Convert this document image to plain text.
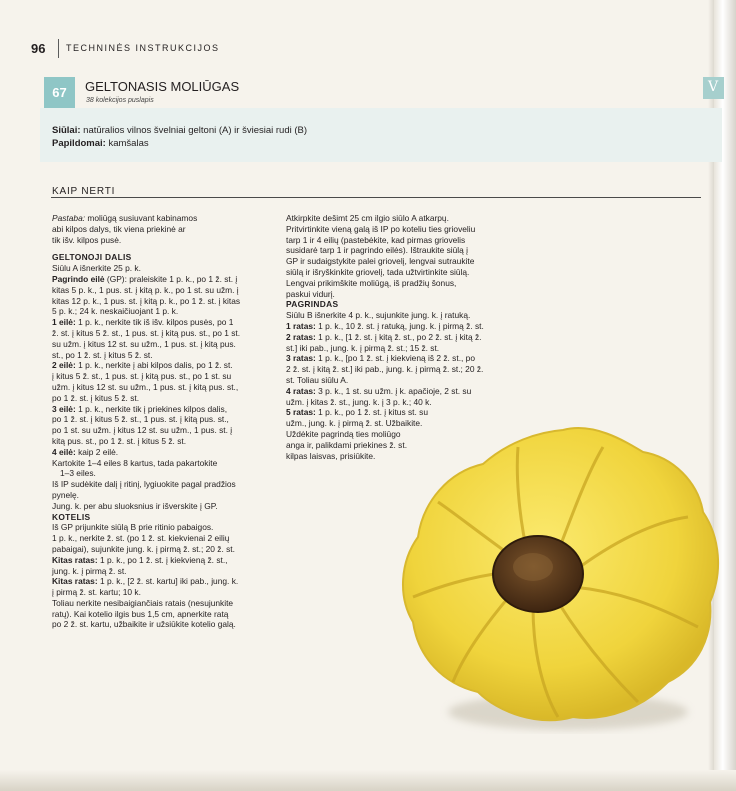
96 TECHNINĖS INSTRUKCIJOS
67	GELTONASIS MOLIŪGAS
38 kolekcijos puslapis
V
Siūlai: natūralios vilnos švelniai geltoni (A) ir šviesiai rudi (B)
Papildomai: kamšalas
KAIP NERTI

Pastaba: moliūgą susiuvant kabinamos

abi kilpos dalys, tik viena priekinė ar

tik išv. kilpos pusė.

GELTONOJI DALIS

Siūlu A išnerkite 25 p. k.

Pagrindo eilė (GP): praleiskite 1 p. k., po 1 ž. st. į

kitas 5 p. k., 1 pus. st. į kitą p. k., po 1 st. su užm. į

kitas 12 p. k., 1 pus. st. į kitą p. k., po 1 ž. st. į kitas

5 p. k.; 24 k. neskaičiuojant 1 p. k.

1 eilė: 1 p. k., nerkite tik iš išv. kilpos pusės, po 1

ž. st. į kitus 5 ž. st., 1 pus. st. į kitą pus. st., po 1 st.

su užm. į kitus 12 st. su užm., 1 pus. st. į kitą pus.

st., po 1 ž. st. į kitus 5 ž. st.

2 eilė: 1 p. k., nerkite į abi kilpos dalis, po 1 ž. st.

į kitus 5 ž. st., 1 pus. st. į kitą pus. st., po 1 st. su

užm. į kitus 12 st. su užm., 1 pus. st. į kitą pus. st.,

po 1 ž. st. į kitus 5 ž. st.

3 eilė: 1 p. k., nerkite tik į priekines kilpos dalis,

po 1 ž. st. į kitus 5 ž. st., 1 pus. st. į kitą pus. st.,

po 1 st. su užm. į kitus 12 st. su užm., 1 pus. st. į

kitą pus. st., po 1 ž. st. į kitus 5 ž. st.

4 eilė: kaip 2 eilė.

Kartokite 1–4 eiles 8 kartus, tada pakartokite

1–3 eiles.

Iš IP sudėkite dalį į ritinį, lygiuokite pagal pradžios

pynelę.

Jung. k. per abu sluoksnius ir išverskite į GP.

KOTELIS

Iš GP prijunkite siūlą B prie ritinio pabaigos.

1 p. k., nerkite ž. st. (po 1 ž. st. kiekvienai 2 eilių

pabaigai), sujunkite jung. k. į pirmą ž. st.; 20 ž. st.

Kitas ratas: 1 p. k., po 1 ž. st. į kiekvieną ž. st.,

jung. k. į pirmą ž. st.

Kitas ratas: 1 p. k., [2 ž. st. kartu] iki pab., jung. k.

į pirmą ž. st. kartu; 10 k.

Toliau nerkite nesibaigiančiais ratais (nesujunkite

ratų). Kai kotelio ilgis bus 1,5 cm, apnerkite ratą

po 2 ž. st. kartu, užbaikite ir užsiūkite kotelio galą.

Atkirpkite dešimt 25 cm ilgio siūlo A atkarpų.

Pritvirtinkite vieną galą iš IP po koteliu ties grioveliu

tarp 1 ir 4 eilių (pastebėkite, kad pirmas griovelis

susidarė tarp 1 ir pagrindo eilės). Ištraukite siūlą į

GP ir sudaigstykite palei griovelį, lengvai sutraukite

siūlą ir išryškinkite griovelį, tada užtvirtinkite siūlą.

Lengvai prikimškite moliūgą, iš pradžių šonus,

paskui vidurį.

PAGRINDAS

Siūlu B išnerkite 4 p. k., sujunkite jung. k. į ratuką.

1 ratas: 1 p. k., 10 ž. st. į ratuką, jung. k. į pirmą ž. st.

2 ratas: 1 p. k., [1 ž. st. į kitą ž. st., po 2 ž. st. į kitą ž.

st.] iki pab., jung. k. į pirmą ž. st.; 15 ž. st.

3 ratas: 1 p. k., [po 1 ž. st. į kiekvieną iš 2 ž. st., po

2 ž. st. į kitą ž. st.] iki pab., jung. k. į pirmą ž. st.; 20 ž.

st. Toliau siūlu A.

4 ratas: 3 p. k., 1 st. su užm. į k. apačioje, 2 st. su

užm. į kitas ž. st., jung. k. į 3 p. k.; 40 k.

5 ratas: 1 p. k., po 1 ž. st. į kitus st. su

užm., jung. k. į pirmą ž. st. Užbaikite.

Uždėkite pagrindą ties moliūgo

anga ir, palikdami priekines ž. st.

kilpas laisvas, prisiūkite.
